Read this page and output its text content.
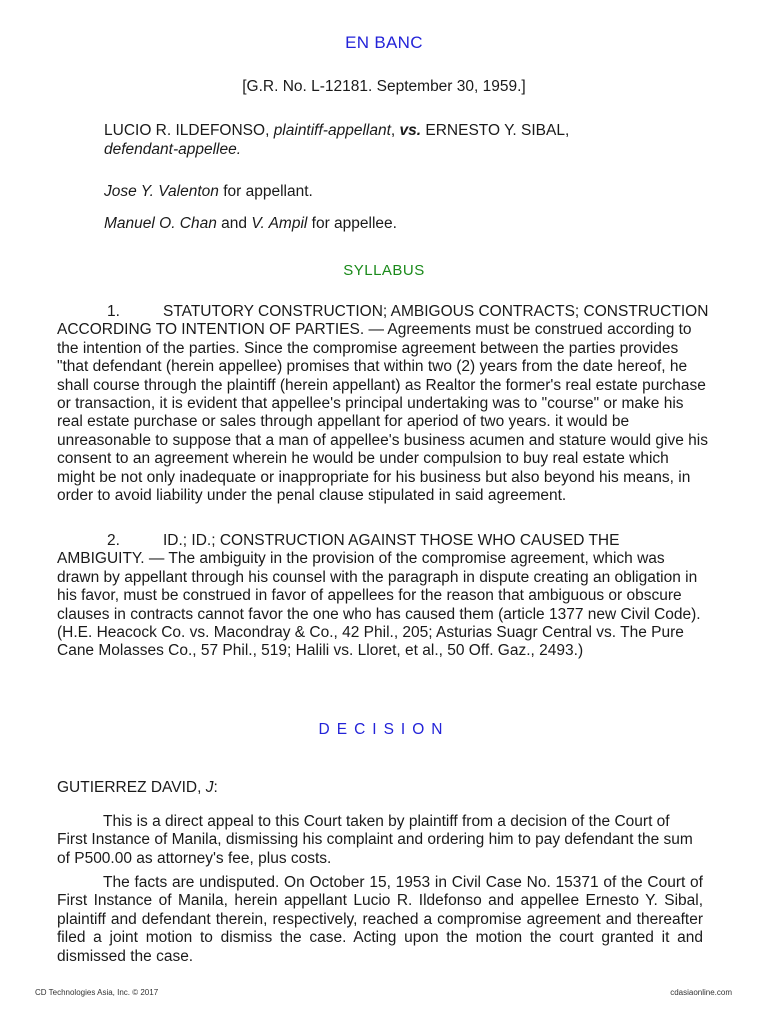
EN BANC
[G.R. No. L-12181. September 30, 1959.]
LUCIO R. ILDEFONSO, plaintiff-appellant, vs. ERNESTO Y. SIBAL,
defendant-appellee.
Jose Y. Valenton for appellant.
Manuel O. Chan and V. Ampil for appellee.
SYLLABUS
1.	STATUTORY CONSTRUCTION; AMBIGOUS CONTRACTS; CONSTRUCTION ACCORDING TO INTENTION OF PARTIES. — Agreements must be construed according to the intention of the parties. Since the compromise agreement between the parties provides "that defendant (herein appellee) promises that within two (2) years from the date hereof, he shall course through the plaintiff (herein appellant) as Realtor the former's real estate purchase or transaction, it is evident that appellee's principal undertaking was to "course" or make his real estate purchase or sales through appellant for aperiod of two years. it would be unreasonable to suppose that a man of appellee's business acumen and stature would give his consent to an agreement wherein he would be under compulsion to buy real estate which might be not only inadequate or inappropriate for his business but also beyond his means, in order to avoid liability under the penal clause stipulated in said agreement.
2.	ID.; ID.; CONSTRUCTION AGAINST THOSE WHO CAUSED THE AMBIGUITY. — The ambiguity in the provision of the compromise agreement, which was drawn by appellant through his counsel with the paragraph in dispute creating an obligation in his favor, must be construed in favor of appellees for the reason that ambiguous or obscure clauses in contracts cannot favor the one who has caused them (article 1377 new Civil Code). (H.E. Heacock Co. vs. Macondray & Co., 42 Phil., 205; Asturias Suagr Central vs. The Pure Cane Molasses Co., 57 Phil., 519; Halili vs. Lloret, et al., 50 Off. Gaz., 2493.)
DECISION
GUTIERREZ DAVID, J:
This is a direct appeal to this Court taken by plaintiff from a decision of the Court of First Instance of Manila, dismissing his complaint and ordering him to pay defendant the sum of P500.00 as attorney's fee, plus costs.
The facts are undisputed. On October 15, 1953 in Civil Case No. 15371 of the Court of First Instance of Manila, herein appellant Lucio R. Ildefonso and appellee Ernesto Y. Sibal, plaintiff and defendant therein, respectively, reached a compromise agreement and thereafter filed a joint motion to dismiss the case. Acting upon the motion the court granted it and dismissed the case.
CD Technologies Asia, Inc. © 2017	cdasiaonline.com
